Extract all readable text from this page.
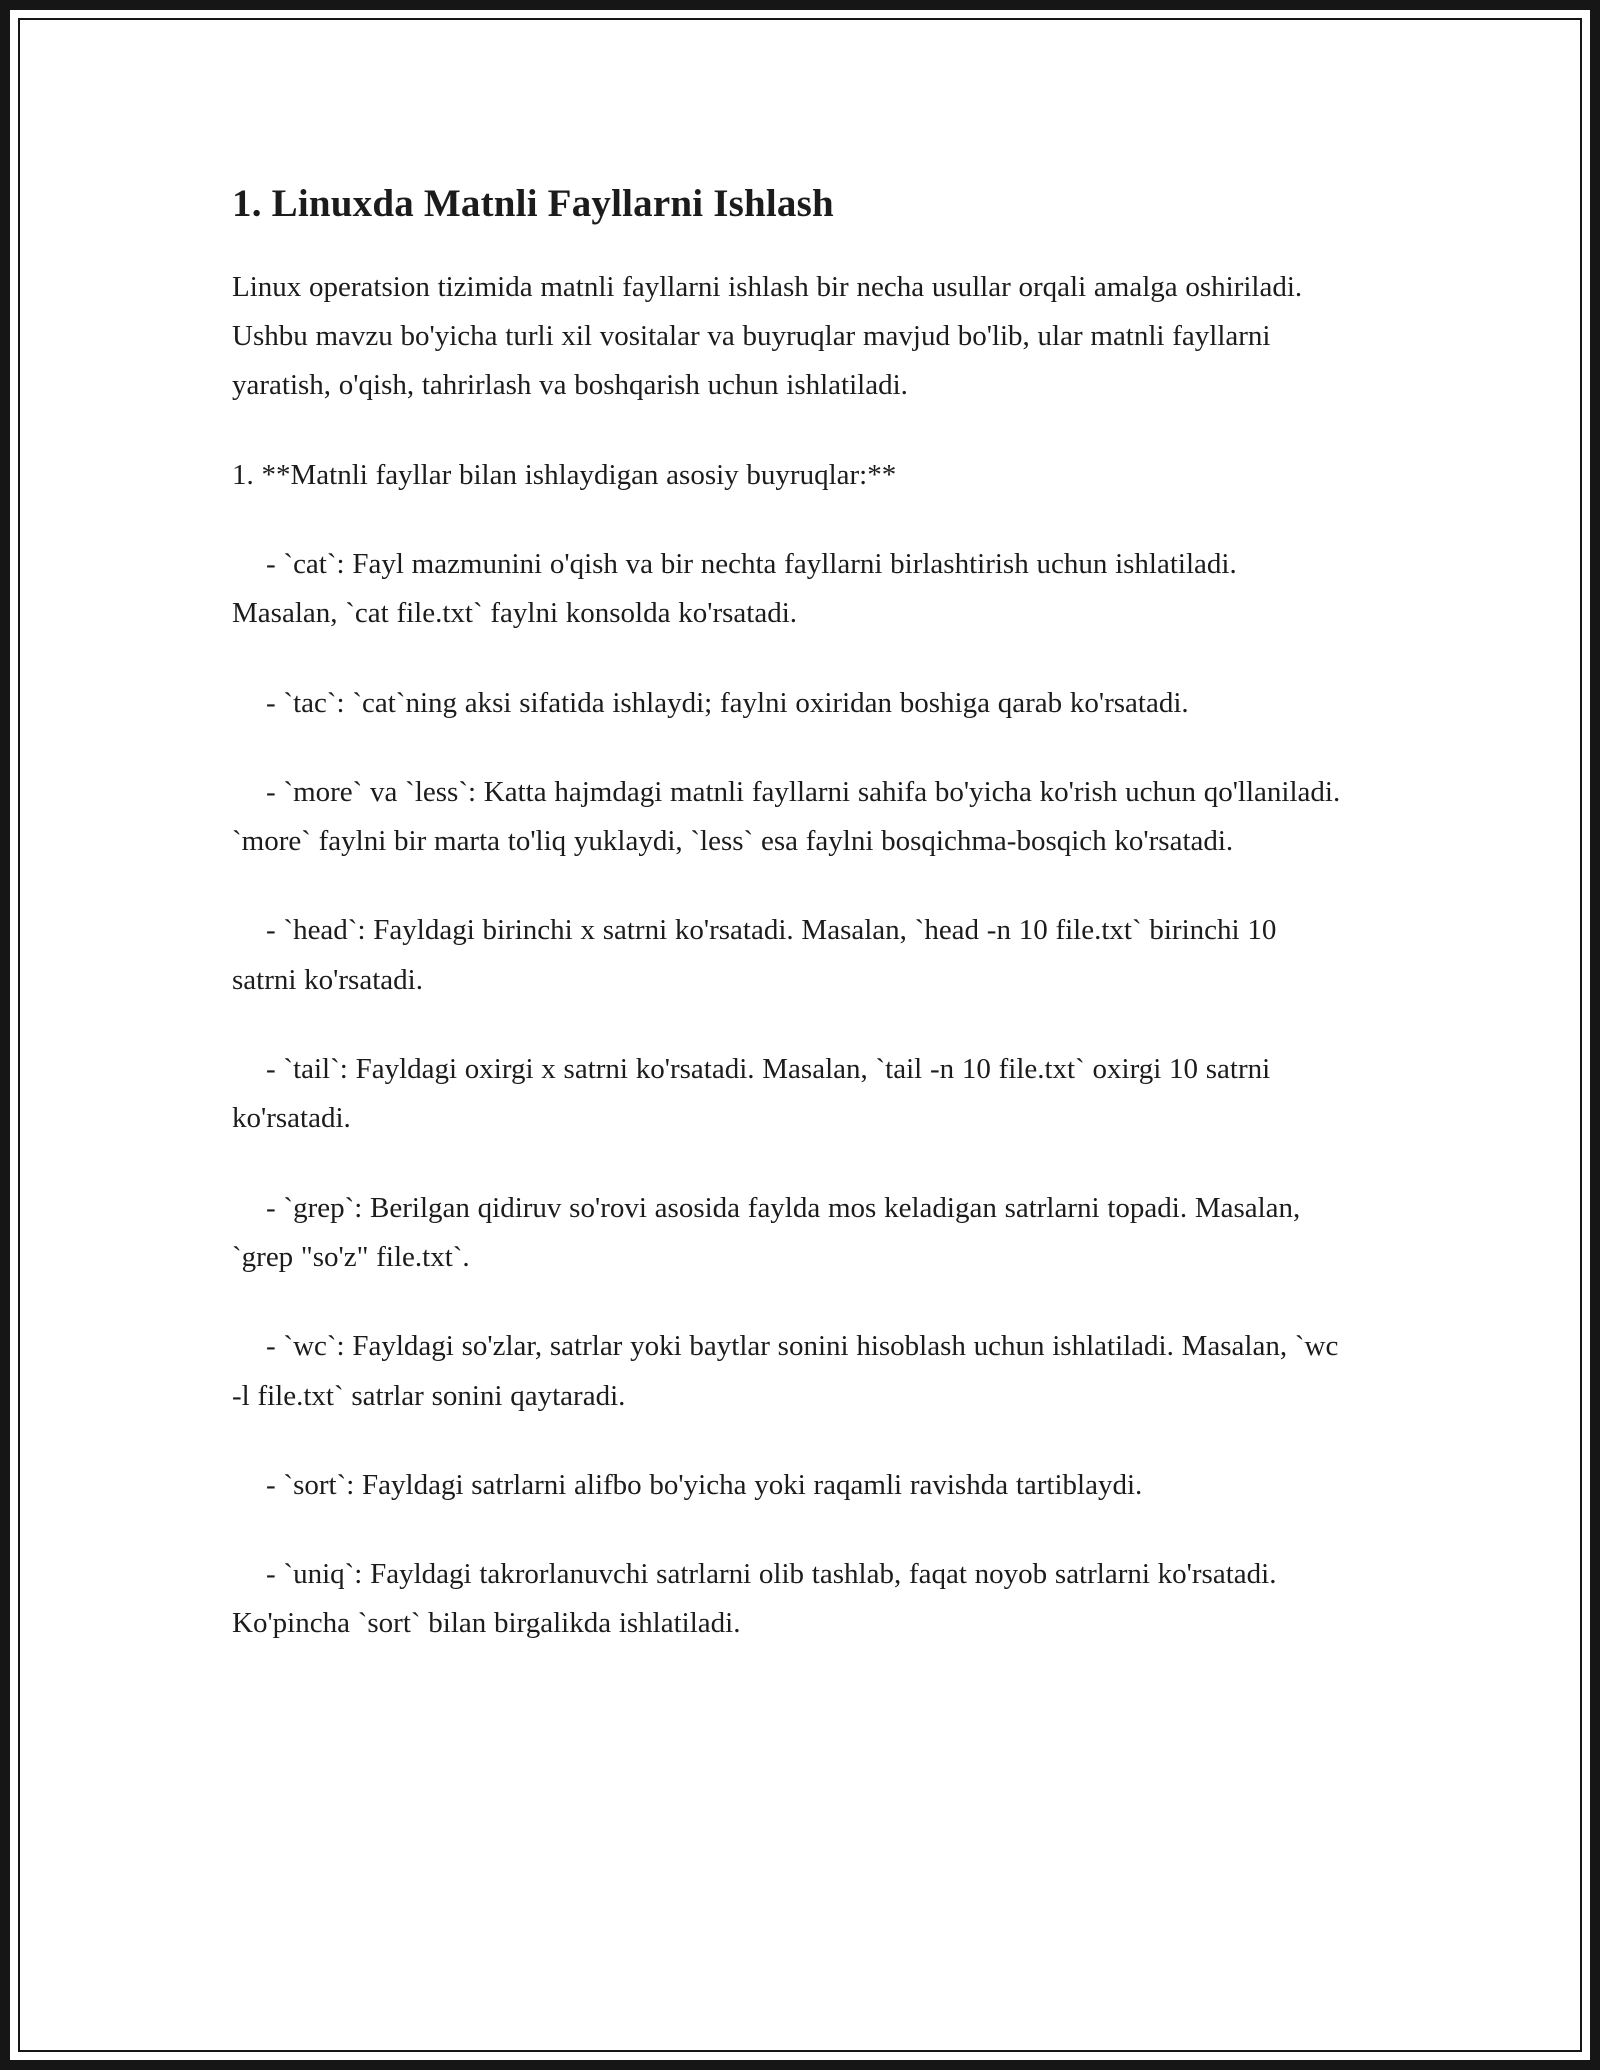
1. Linuxda Matnli Fayllarni Ishlash

Linux operatsion tizimida matnli fayllarni ishlash bir necha usullar orqali amalga oshiriladi. Ushbu mavzu bo'yicha turli xil vositalar va buyruqlar mavjud bo'lib, ular matnli fayllarni yaratish, o'qish, tahrirlash va boshqarish uchun ishlatiladi.

1. **Matnli fayllar bilan ishlaydigan asosiy buyruqlar:**

- `cat`: Fayl mazmunini o'qish va bir nechta fayllarni birlashtirish uchun ishlatiladi. Masalan, `cat file.txt` faylni konsolda ko'rsatadi.

- `tac`: `cat`ning aksi sifatida ishlaydi; faylni oxiridan boshiga qarab ko'rsatadi.

- `more` va `less`: Katta hajmdagi matnli fayllarni sahifa bo'yicha ko'rish uchun qo'llaniladi. `more` faylni bir marta to'liq yuklaydi, `less` esa faylni bosqichma-bosqich ko'rsatadi.

- `head`: Fayldagi birinchi x satrni ko'rsatadi. Masalan, `head -n 10 file.txt` birinchi 10 satrni ko'rsatadi.

- `tail`: Fayldagi oxirgi x satrni ko'rsatadi. Masalan, `tail -n 10 file.txt` oxirgi 10 satrni ko'rsatadi.

- `grep`: Berilgan qidiruv so'rovi asosida faylda mos keladigan satrlarni topadi. Masalan, `grep "so'z" file.txt`.

- `wc`: Fayldagi so'zlar, satrlar yoki baytlar sonini hisoblash uchun ishlatiladi. Masalan, `wc -l file.txt` satrlar sonini qaytaradi.

- `sort`: Fayldagi satrlarni alifbo bo'yicha yoki raqamli ravishda tartiblaydi.

- `uniq`: Fayldagi takrorlanuvchi satrlarni olib tashlab, faqat noyob satrlarni ko'rsatadi. Ko'pincha `sort` bilan birgalikda ishlatiladi.
